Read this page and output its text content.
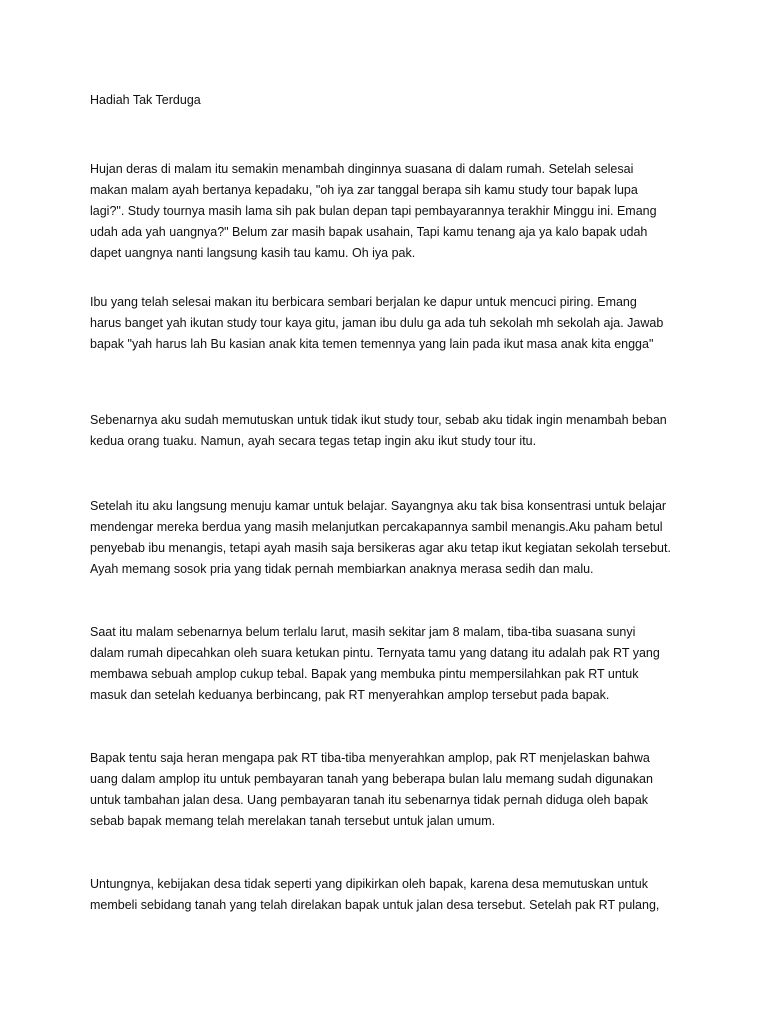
Hadiah Tak Terduga
Hujan deras di malam itu semakin menambah dinginnya suasana di dalam rumah. Setelah selesai
makan malam ayah bertanya kepadaku, "oh iya zar tanggal berapa sih kamu study tour bapak lupa
lagi?". Study tournya masih lama sih pak bulan depan tapi pembayarannya terakhir Minggu ini. Emang
udah ada yah uangnya?" Belum zar masih bapak usahain, Tapi kamu tenang aja ya kalo bapak udah
dapet uangnya nanti langsung kasih tau kamu. Oh iya pak.
Ibu yang telah selesai makan itu berbicara sembari berjalan ke dapur untuk mencuci piring. Emang
harus banget yah ikutan study tour kaya gitu, jaman ibu dulu ga ada tuh sekolah mh sekolah aja. Jawab
bapak "yah harus lah Bu kasian anak kita temen temennya yang lain pada ikut masa anak kita engga"
Sebenarnya aku sudah memutuskan untuk tidak ikut study tour, sebab aku tidak ingin menambah beban
kedua orang tuaku. Namun, ayah secara tegas tetap ingin aku ikut study tour itu.
Setelah itu aku langsung menuju kamar untuk belajar. Sayangnya aku tak bisa konsentrasi untuk belajar
mendengar mereka berdua yang masih melanjutkan percakapannya sambil menangis.Aku paham betul
penyebab ibu menangis, tetapi ayah masih saja bersikeras agar aku tetap ikut kegiatan sekolah tersebut.
Ayah memang sosok pria yang tidak pernah membiarkan anaknya merasa sedih dan malu.
Saat itu malam sebenarnya belum terlalu larut, masih sekitar jam 8 malam, tiba-tiba suasana sunyi
dalam rumah dipecahkan oleh suara ketukan pintu. Ternyata tamu yang datang itu adalah pak RT yang
membawa sebuah amplop cukup tebal. Bapak yang membuka pintu mempersilahkan pak RT untuk
masuk dan setelah keduanya berbincang, pak RT menyerahkan amplop tersebut pada bapak.
Bapak tentu saja heran mengapa pak RT tiba-tiba menyerahkan amplop, pak RT menjelaskan bahwa
uang dalam amplop itu untuk pembayaran tanah yang beberapa bulan lalu memang sudah digunakan
untuk tambahan jalan desa. Uang pembayaran tanah itu sebenarnya tidak pernah diduga oleh bapak
sebab bapak memang telah merelakan tanah tersebut untuk jalan umum.
Untungnya, kebijakan desa tidak seperti yang dipikirkan oleh bapak, karena desa memutuskan untuk
membeli sebidang tanah yang telah direlakan bapak untuk jalan desa tersebut. Setelah pak RT pulang,
